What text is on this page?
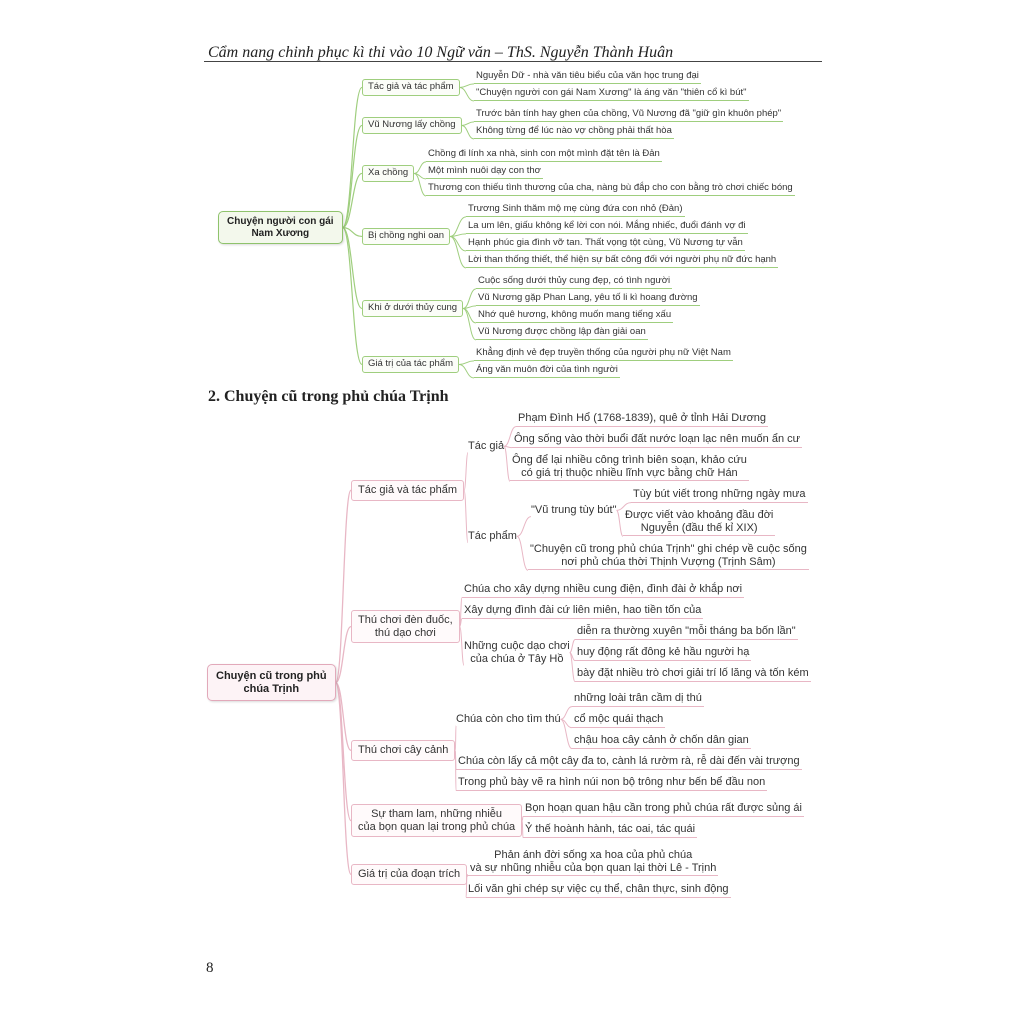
Cẩm nang chinh phục kì thi vào 10 Ngữ văn – ThS. Nguyễn Thành Huân
Chuyện người con gái
Nam Xương
Tác giả và tác phẩm
Nguyễn Dữ - nhà văn tiêu biểu của văn học trung đại
"Chuyện người con gái Nam Xương" là áng văn "thiên cổ kì bút"
Vũ Nương lấy chồng
Trước bản tính hay ghen của chồng, Vũ Nương đã "giữ gìn khuôn phép"
Không từng để lúc nào vợ chồng phải thất hòa
Xa chồng
Chồng đi lính xa nhà, sinh con một mình đặt tên là Đản
Một mình nuôi dạy con thơ
Thương con thiếu tình thương của cha, nàng bù đắp cho con bằng trò chơi chiếc bóng
Bị chồng nghi oan
Trương Sinh thăm mộ mẹ cùng đứa con nhỏ (Đản)
La um lên, giấu không kể lời con nói. Mắng nhiếc, đuổi đánh vợ đi
Hạnh phúc gia đình vỡ tan. Thất vọng tột cùng, Vũ Nương tự vẫn
Lời than thống thiết, thể hiện sự bất công đối với người phụ nữ đức hạnh
Khi ở dưới thủy cung
Cuộc sống dưới thủy cung đẹp, có tình người
Vũ Nương gặp Phan Lang, yêu tố li kì hoang đường
Nhớ quê hương, không muốn mang tiếng xấu
Vũ Nương được chồng lập đàn giải oan
Giá trị của tác phẩm
Khẳng định vẻ đẹp truyền thống của người phụ nữ Việt Nam
Áng văn muôn đời của tình người
2. Chuyện cũ trong phủ chúa Trịnh
Chuyện cũ trong phủ
chúa Trịnh
Tác giả và tác phẩm
Tác giả
Phạm Đình Hổ (1768-1839), quê ở tỉnh Hải Dương
Ông sống vào thời buổi đất nước loạn lạc nên muốn ẩn cư
Ông để lại nhiều công trình biên soạn, khảo cứu
có giá trị thuộc nhiều lĩnh vực bằng chữ Hán
Tác phẩm
"Vũ trung tùy bút"
Tùy bút viết trong những ngày mưa
Được viết vào khoảng đầu đời
Nguyễn (đầu thế kỉ XIX)
"Chuyện cũ trong phủ chúa Trịnh" ghi chép về cuộc sống
nơi phủ chúa thời Thịnh Vượng (Trịnh Sâm)
Thú chơi đèn đuốc,
thú dạo chơi
Chúa cho xây dựng nhiều cung điện, đình đài ở khắp nơi
Xây dựng đình đài cứ liên miên, hao tiền tốn của
Những cuộc dạo chơi
của chúa ở Tây Hồ
diễn ra thường xuyên "mỗi tháng ba bốn lần"
huy động rất đông kẻ hầu người hạ
bày đặt nhiều trò chơi giải trí lố lăng và tốn kém
Thú chơi cây cảnh
Chúa còn cho tìm thú
những loài trân cầm dị thú
cổ mộc quái thạch
chậu hoa cây cảnh ở chốn dân gian
Chúa còn lấy cả một cây đa to, cành lá rườm rà, rễ dài đến vài trượng
Trong phủ bày vẽ ra hình núi non bộ trông như bến bể đầu non
Sự tham lam, những nhiễu
của bọn quan lại trong phủ chúa
Bọn hoạn quan hậu cần trong phủ chúa rất được sủng ái
Ỷ thế hoành hành, tác oai, tác quái
Giá trị của đoạn trích
Phản ánh đời sống xa hoa của phủ chúa
và sự nhũng nhiễu của bọn quan lại thời Lê - Trịnh
Lối văn ghi chép sự việc cụ thể, chân thực, sinh động
8
